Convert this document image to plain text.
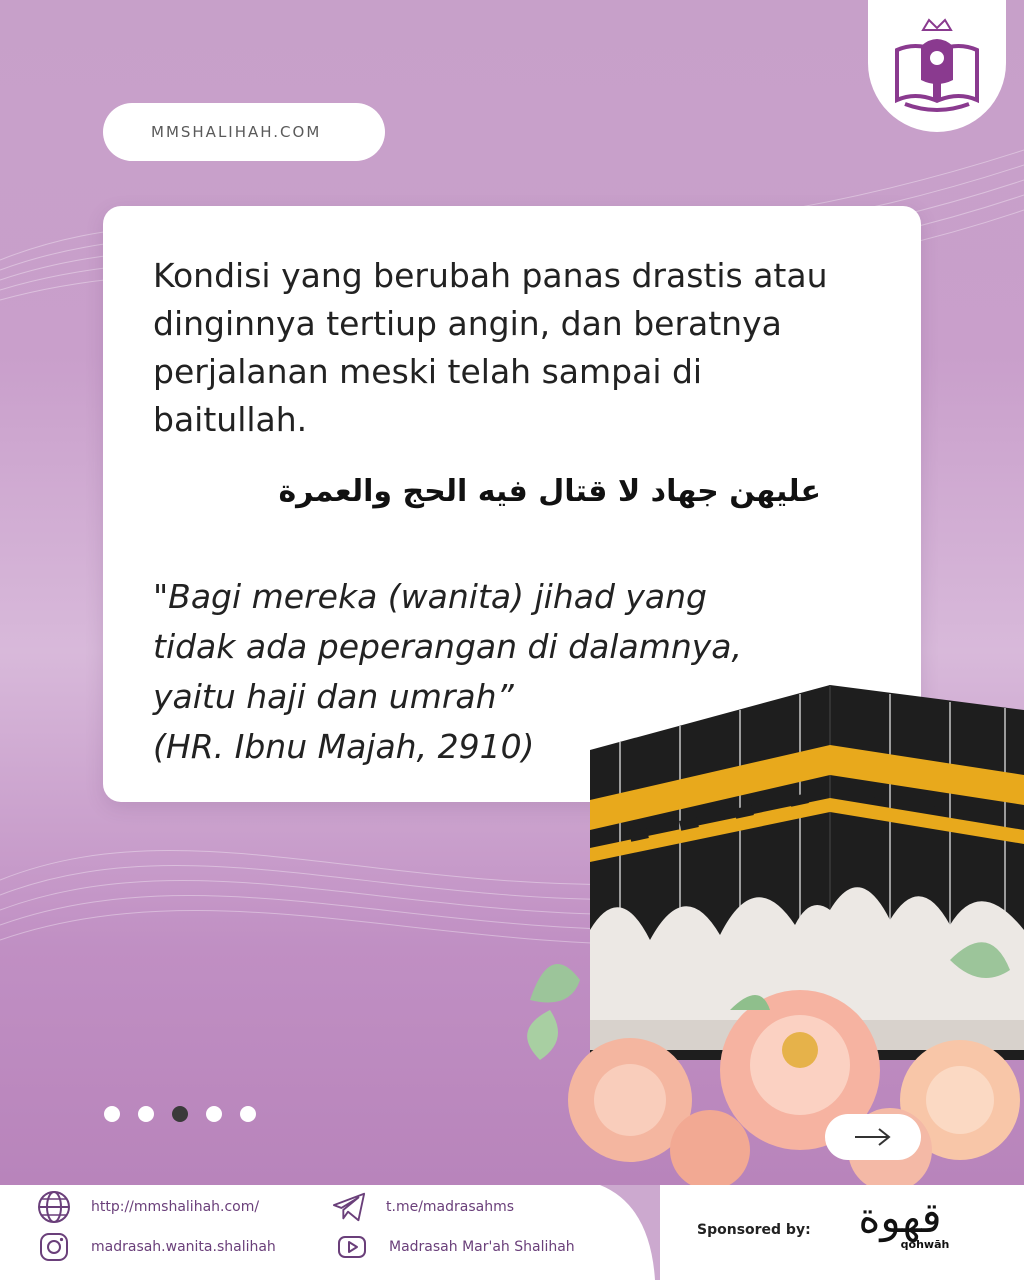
MMSHALIHAH.COM

Kondisi yang berubah panas drastis atau dinginnya tertiup angin, dan beratnya perjalanan meski telah sampai di baitullah.

عليهن جهاد لا قتال فيه الحج والعمرة

"Bagi mereka (wanita) jihad yang
tidak ada peperangan di dalamnya,
yaitu haji dan umrah”
(HR. Ibnu Majah, 2910)
http://mmshalihah.com/
madrasah.wanita.shalihah
t.me/madrasahms
Madrasah Mar'ah Shalihah
Sponsored by: قهوة
qohwāh
